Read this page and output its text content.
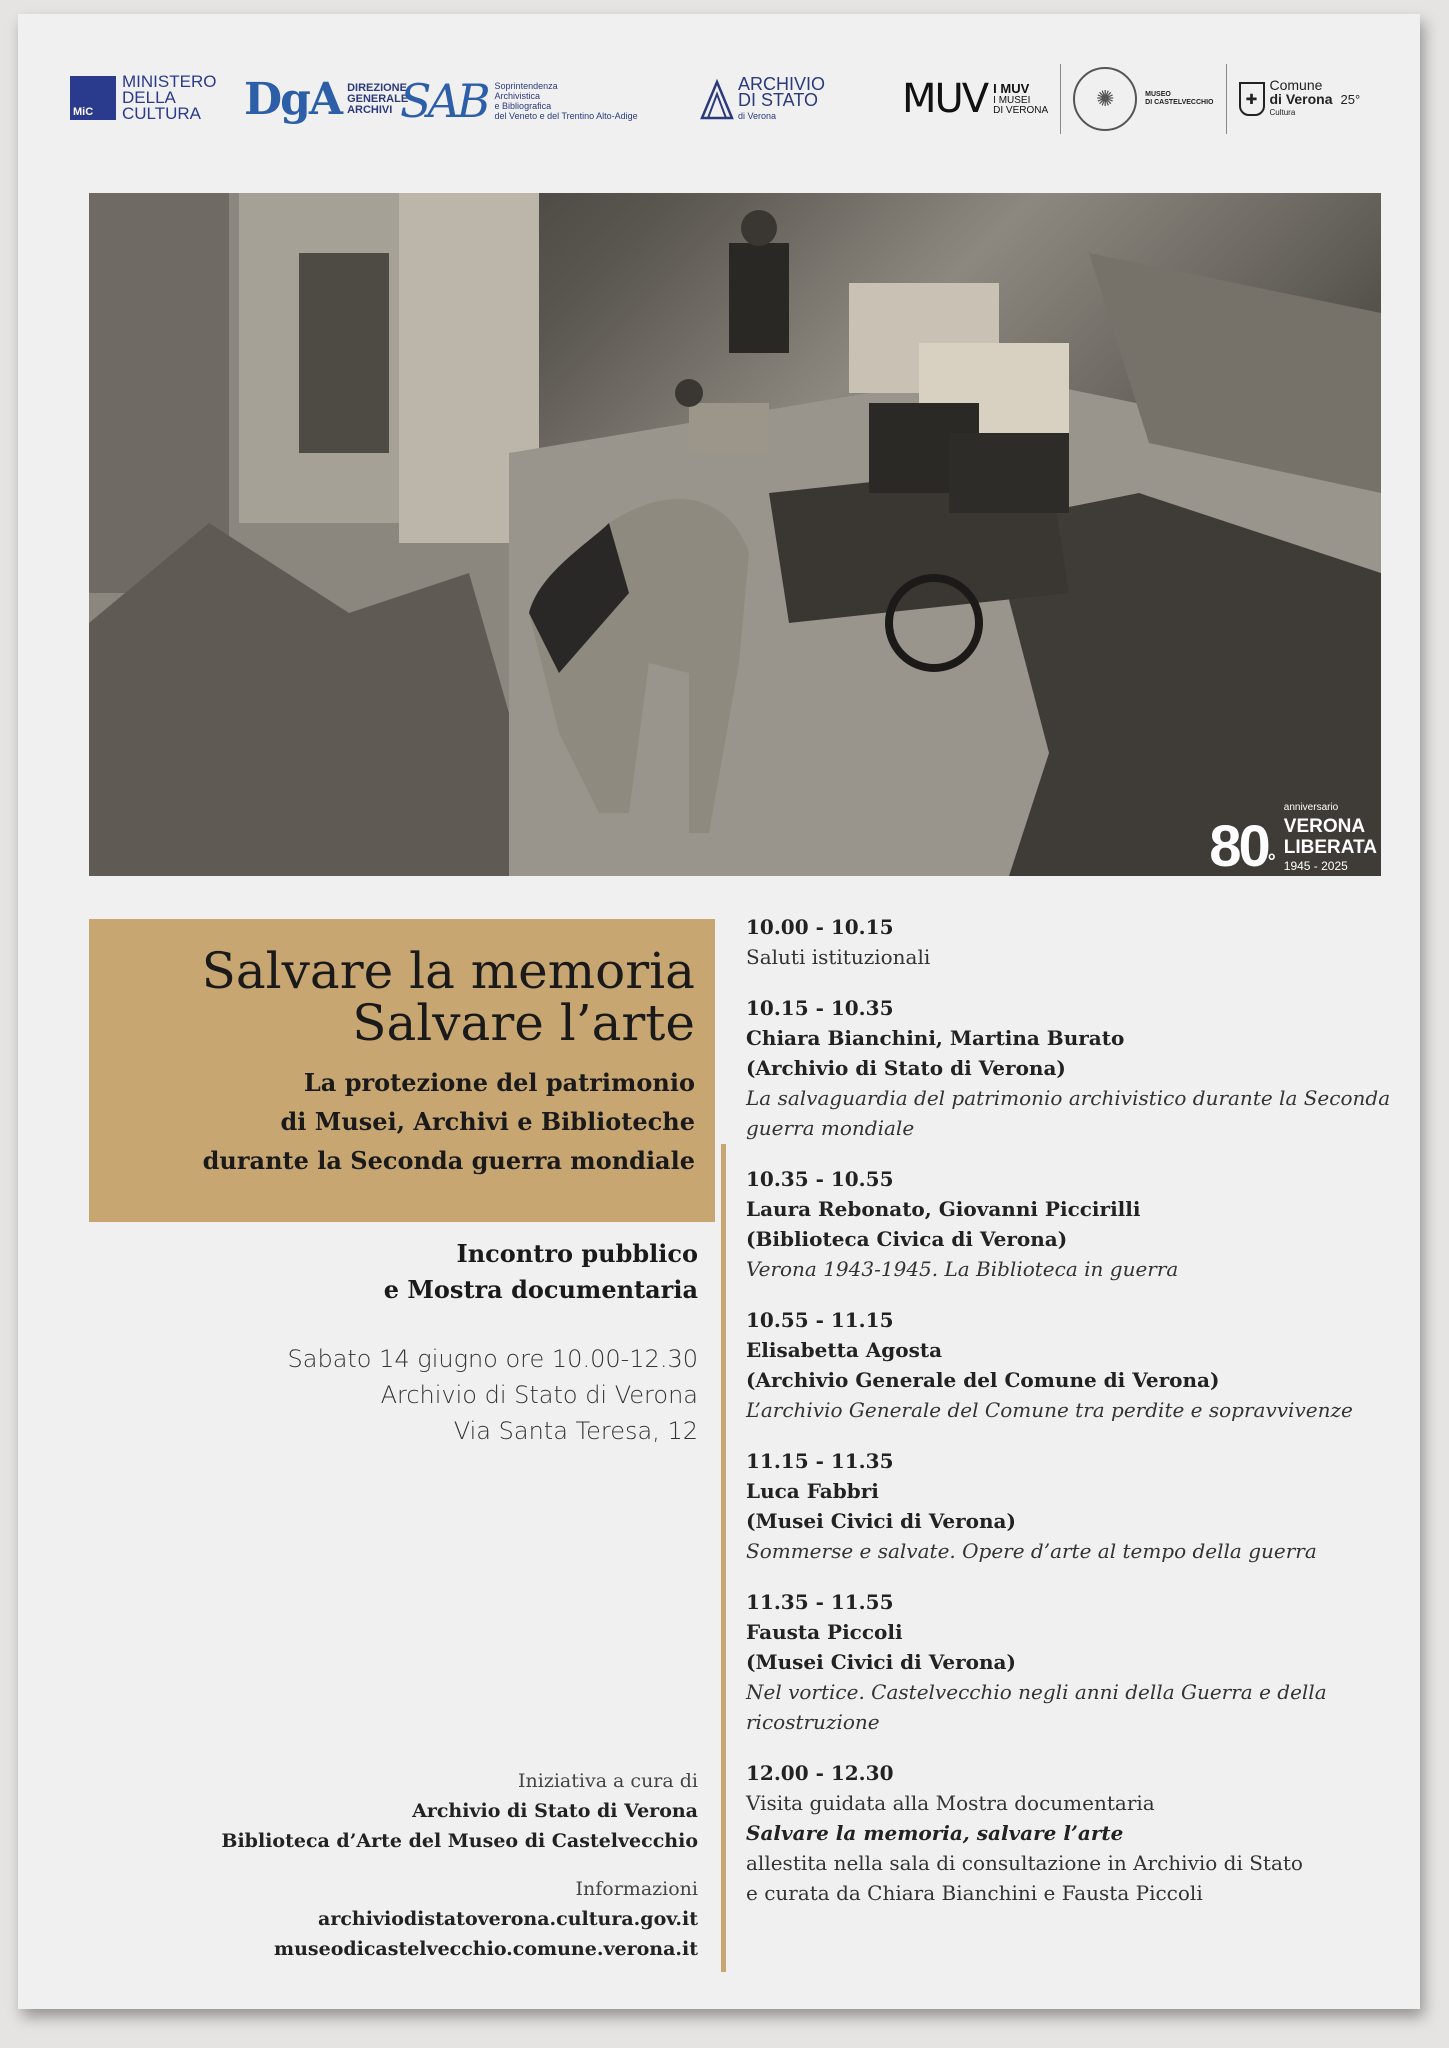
MiC
MINISTERO
DELLA
CULTURA DgA DIREZIONE
GENERALE
ARCHIVI SAB Soprintendenza
Archivistica
e Bibliografica
del Veneto e del Trentino Alto-Adige
ARCHIVIO
DI STATO
di Verona	MUV I MUV
I MUSEI
DI VERONA	✺	MUSEO
DI CASTELVECCHIO	✚
Comune
di Verona
Cultura
25°
80 °
anniversario
VERONA
LIBERATA
1945 - 2025
Salvare la memoria
Salvare l’arte
La protezione del patrimonio
di Musei, Archivi e Biblioteche
durante la Seconda guerra mondiale
Incontro pubblico
e Mostra documentaria
Sabato 14 giugno ore 10.00-12.30
Archivio di Stato di Verona
Via Santa Teresa, 12
Iniziativa a cura di
Archivio di Stato di Verona
Biblioteca d’Arte del Museo di Castelvecchio
Informazioni
archiviodistatoverona.cultura.gov.it
museodicastelvecchio.comune.verona.it
10.00 - 10.15
Saluti istituzionali
10.15 - 10.35
Chiara Bianchini, Martina Burato
(Archivio di Stato di Verona)
La salvaguardia del patrimonio archivistico durante la Seconda guerra mondiale
10.35 - 10.55
Laura Rebonato, Giovanni Piccirilli
(Biblioteca Civica di Verona)
Verona 1943-1945. La Biblioteca in guerra
10.55 - 11.15
Elisabetta Agosta
(Archivio Generale del Comune di Verona)
L’archivio Generale del Comune tra perdite e sopravvivenze
11.15 - 11.35
Luca Fabbri
(Musei Civici di Verona)
Sommerse e salvate. Opere d’arte al tempo della guerra
11.35 - 11.55
Fausta Piccoli
(Musei Civici di Verona)
Nel vortice. Castelvecchio negli anni della Guerra e della ricostruzione
12.00 - 12.30
Visita guidata alla Mostra documentaria
Salvare la memoria, salvare l’arte
allestita nella sala di consultazione in Archivio di Stato
e curata da Chiara Bianchini e Fausta Piccoli
